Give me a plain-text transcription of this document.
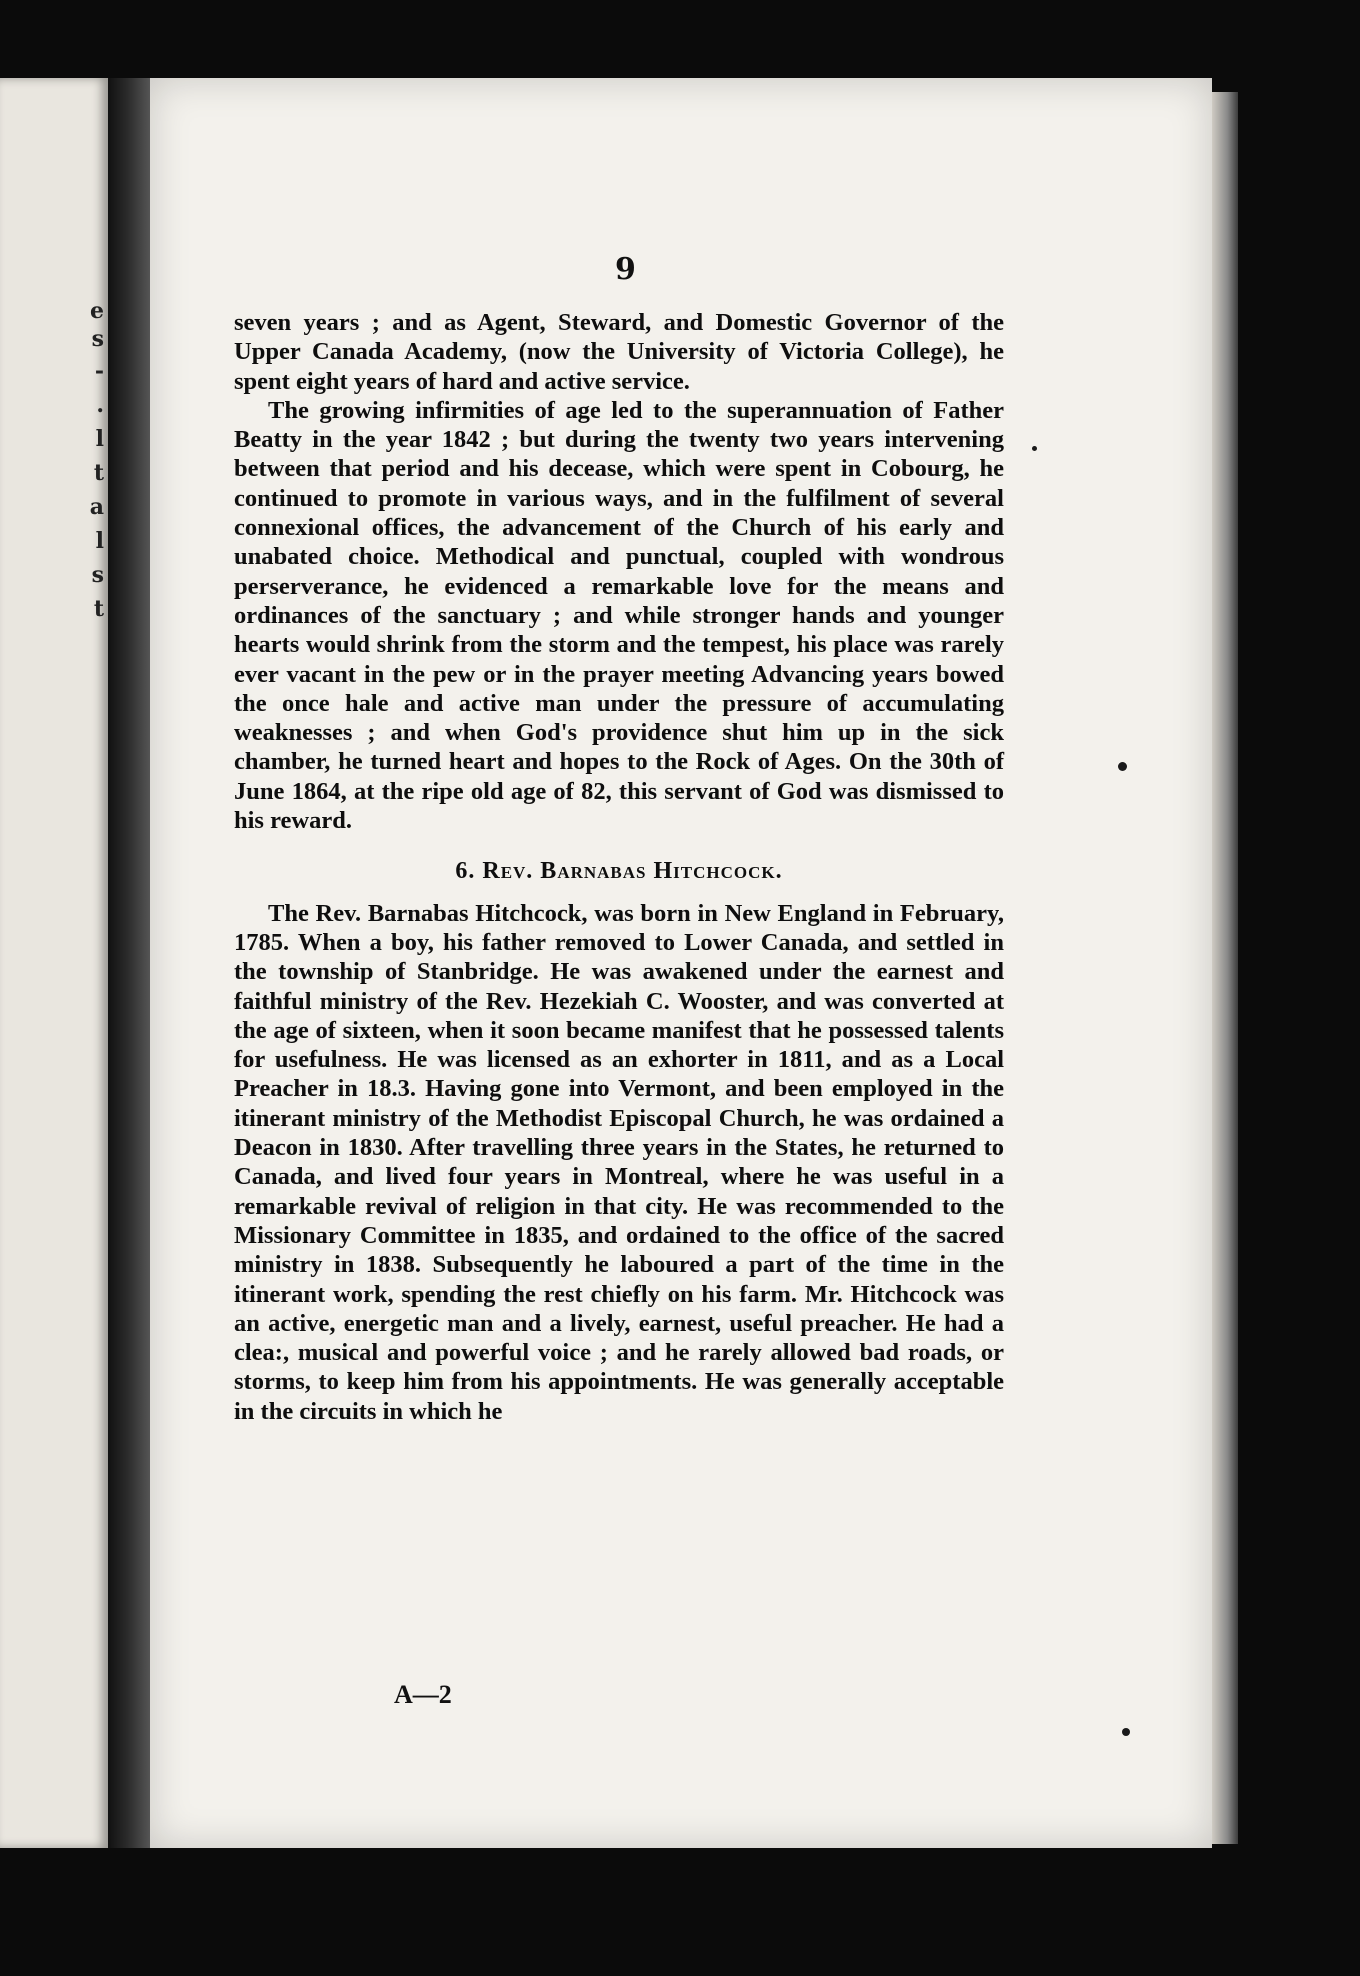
e
s
-
.
l
t
a
l
s
t
9

seven years ; and as Agent, Steward, and Domestic Governor of the Upper Canada Academy, (now the University of Victoria College), he spent eight years of hard and active service.

The growing infirmities of age led to the superannuation of Father Beatty in the year 1842 ; but during the twenty two years intervening between that period and his decease, which were spent in Cobourg, he continued to promote in various ways, and in the fulfilment of several connexional offices, the advancement of the Church of his early and unabated choice. Methodical and punctual, coupled with wondrous perserverance, he evidenced a remarkable love for the means and ordinances of the sanctuary ; and while stronger hands and younger hearts would shrink from the storm and the tempest, his place was rarely ever vacant in the pew or in the prayer meeting Advancing years bowed the once hale and active man under the pressure of accumulating weaknesses ; and when God's providence shut him up in the sick chamber, he turned heart and hopes to the Rock of Ages. On the 30th of June 1864, at the ripe old age of 82, this servant of God was dismissed to his reward.

6. Rev. Barnabas Hitchcock.

The Rev. Barnabas Hitchcock, was born in New England in February, 1785. When a boy, his father removed to Lower Canada, and settled in the township of Stanbridge. He was awakened under the earnest and faithful ministry of the Rev. Hezekiah C. Wooster, and was converted at the age of sixteen, when it soon became manifest that he possessed talents for usefulness. He was licensed as an exhorter in 1811, and as a Local Preacher in 18.3. Having gone into Vermont, and been employed in the itinerant ministry of the Methodist Episcopal Church, he was ordained a Deacon in 1830. After travelling three years in the States, he returned to Canada, and lived four years in Montreal, where he was useful in a remarkable revival of religion in that city. He was recommended to the Missionary Committee in 1835, and ordained to the office of the sacred ministry in 1838. Subsequently he laboured a part of the time in the itinerant work, spending the rest chiefly on his farm. Mr. Hitchcock was an active, energetic man and a lively, earnest, useful preacher. He had a clea:, musical and powerful voice ; and he rarely allowed bad roads, or storms, to keep him from his appointments. He was generally acceptable in the circuits in which he

A—2
